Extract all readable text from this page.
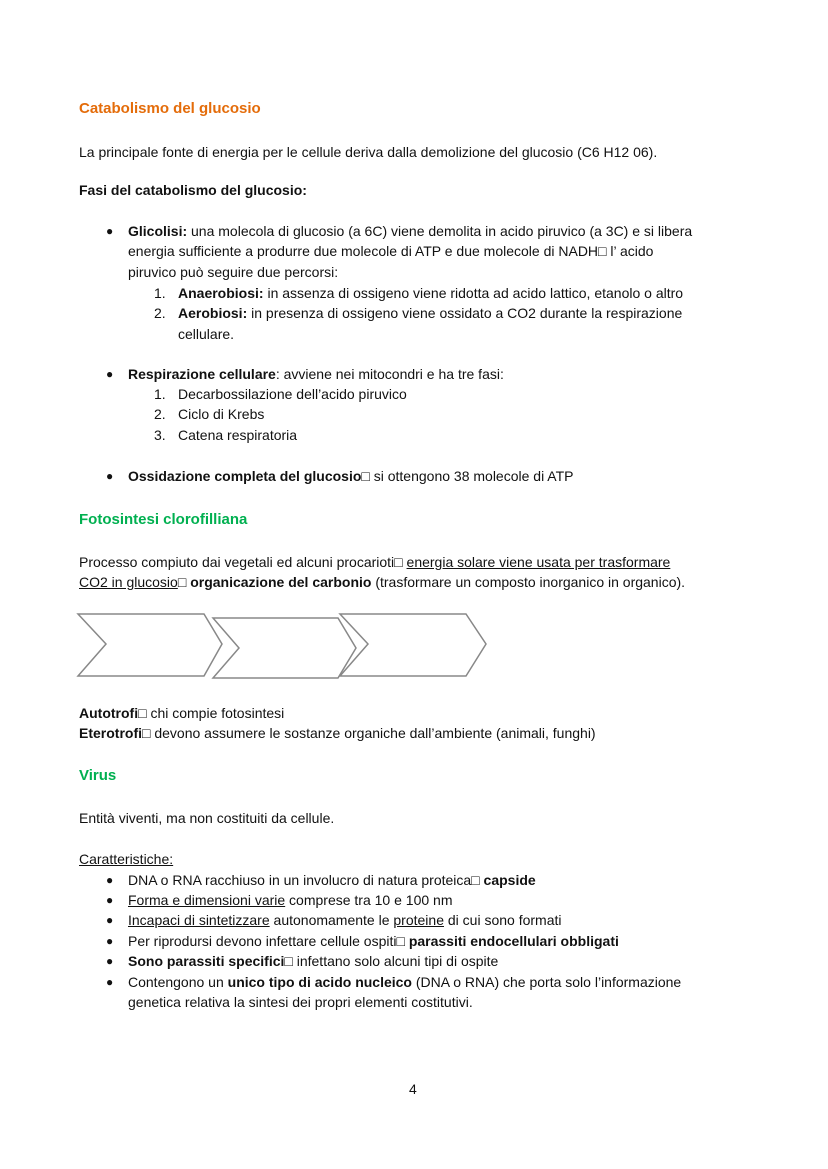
4
Catabolismo del glucosio
La principale fonte di energia per le cellule deriva dalla demolizione del glucosio (C6 H12 06).
Fasi del catabolismo del glucosio:
Glicolisi: una molecola di glucosio (a 6C) viene demolita in acido piruvico (a 3C) e si libera
●
energia sufficiente a produrre due molecole di ATP e due molecole di NADH□ l’ acido
piruvico può seguire due percorsi:
Anaerobiosi: in assenza di ossigeno viene ridotta ad acido lattico, etanolo o altro
1.
Aerobiosi: in presenza di ossigeno viene ossidato a CO2 durante la respirazione
2.
cellulare.
Respirazione cellulare: avviene nei mitocondri e ha tre fasi:
●
Decarbossilazione dell’acido piruvico
1.
Ciclo di Krebs
2.
Catena respiratoria
3.
Ossidazione completa del glucosio□ si ottengono 38 molecole di ATP
●
Fotosintesi clorofilliana
Processo compiuto dai vegetali ed alcuni procarioti□ energia solare viene usata per trasformare
CO2 in glucosio□ organicazione del carbonio (trasformare un composto inorganico in organico).
Autotrofi□ chi compie fotosintesi
Eterotrofi□ devono assumere le sostanze organiche dall’ambiente (animali, funghi)
Virus
Entità viventi, ma non costituiti da cellule.
Caratteristiche:
DNA o RNA racchiuso in un involucro di natura proteica□ capside
●
Forma e dimensioni varie comprese tra 10 e 100 nm
●
Incapaci di sintetizzare autonomamente le proteine di cui sono formati
●
Per riprodursi devono infettare cellule ospiti□ parassiti endocellulari obbligati
●
Sono parassiti specifici□ infettano solo alcuni tipi di ospite
●
Contengono un unico tipo di acido nucleico (DNA o RNA) che porta solo l’informazione
●
genetica relativa la sintesi dei propri elementi costitutivi.
